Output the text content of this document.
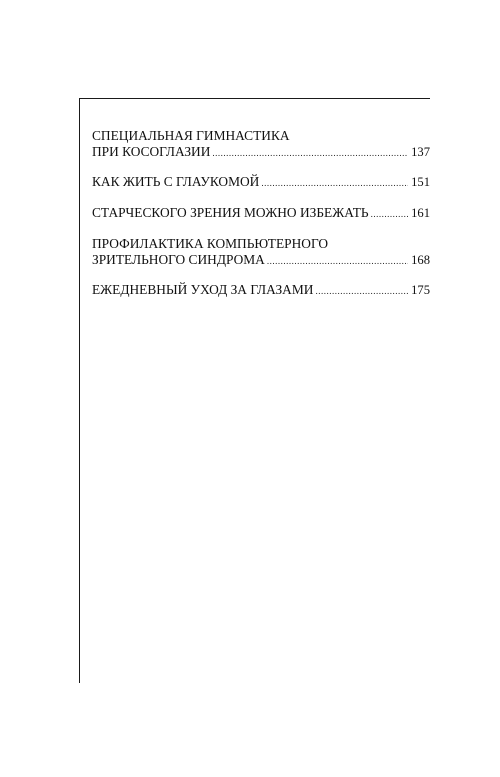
СПЕЦИАЛЬНАЯ ГИМНАСТИКА
ПРИ КОСОГЛАЗИИ .....	137
КАК ЖИТЬ С ГЛАУКОМОЙ .....	151
СТАРЧЕСКОГО ЗРЕНИЯ МОЖНО ИЗБЕЖАТЬ .....	161
ПРОФИЛАКТИКА КОМПЬЮТЕРНОГО
ЗРИТЕЛЬНОГО СИНДРОМА .....	168
ЕЖЕДНЕВНЫЙ УХОД ЗА ГЛАЗАМИ .....	175
